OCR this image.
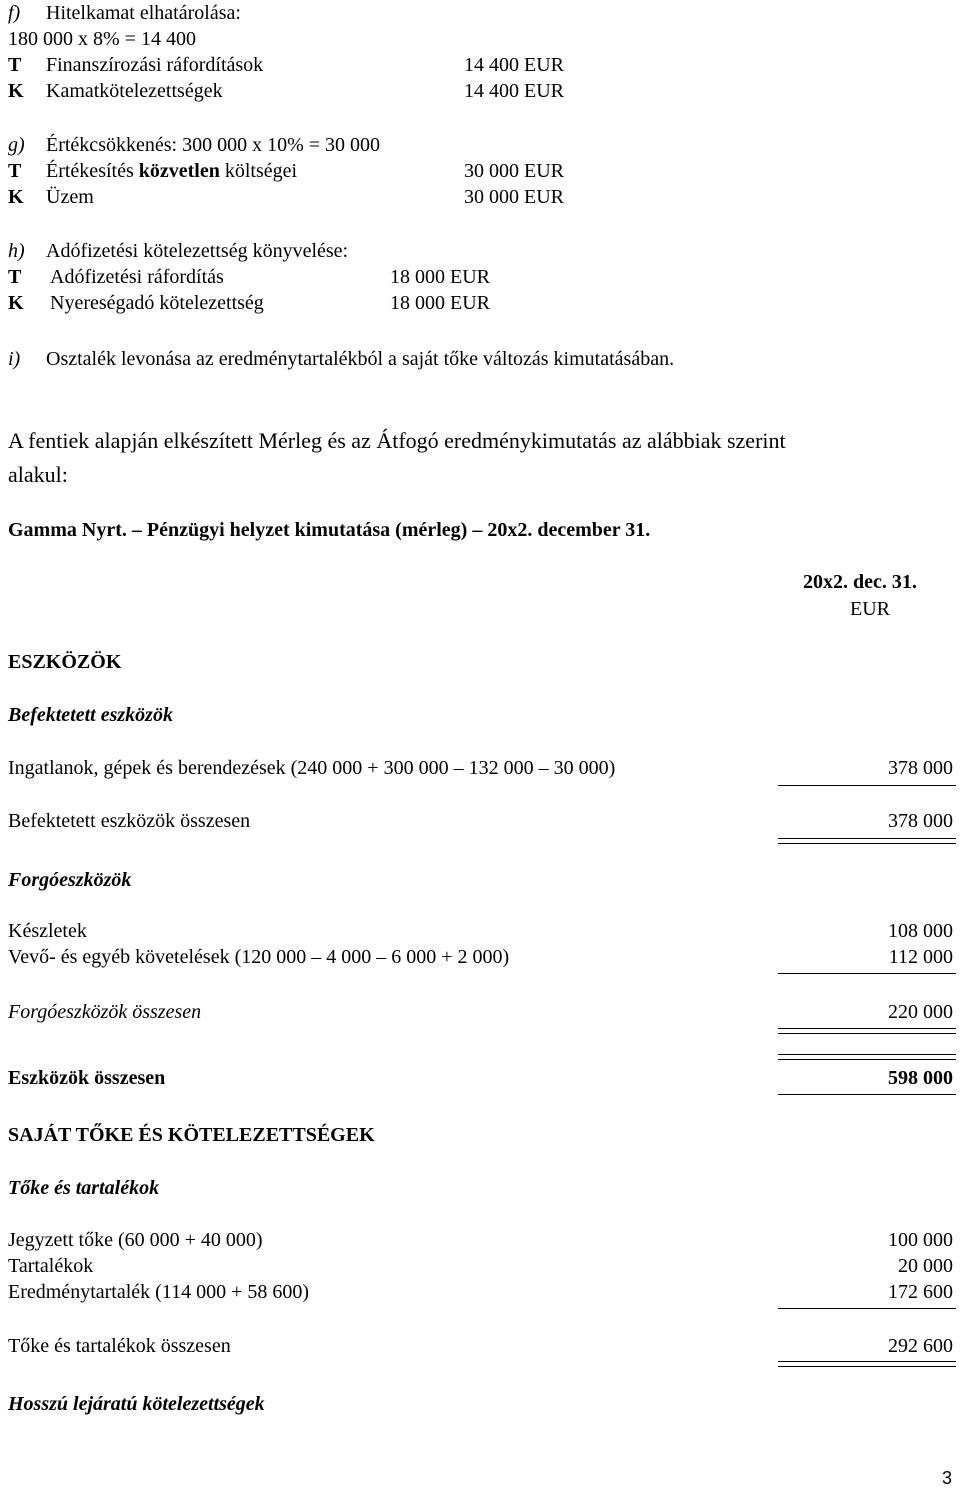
f) Hitelkamat elhatárolása:
180 000 x 8% = 14 400
T Finanszírozási ráfordítások	14 400 EUR
K Kamatkötelezettségek	14 400 EUR
g) Értékcsökkenés: 300 000 x 10% = 30 000
T Értékesítés közvetlen költségei	30 000 EUR
K Üzem	30 000 EUR
h) Adófizetési kötelezettség könyvelése:
T Adófizetési ráfordítás	18 000 EUR
K Nyereségadó kötelezettség	18 000 EUR
i) Osztalék levonása az eredménytartalékból a saját tőke változás kimutatásában.
A fentiek alapján elkészített Mérleg és az Átfogó eredménykimutatás az alábbiak szerint
alakul:
Gamma Nyrt. – Pénzügyi helyzet kimutatása (mérleg) – 20x2. december 31.
20x2. dec. 31.
EUR
ESZKÖZÖK
Befektetett eszközök
Ingatlanok, gépek és berendezések (240 000 + 300 000 – 132 000 – 30 000)	378 000
Befektetett eszközök összesen	378 000
Forgóeszközök
Készletek	108 000
Vevő- és egyéb követelések (120 000 – 4 000 – 6 000 + 2 000)	112 000
Forgóeszközök összesen	220 000
Eszközök összesen	598 000
SAJÁT TŐKE ÉS KÖTELEZETTSÉGEK
Tőke és tartalékok
Jegyzett tőke (60 000 + 40 000)	100 000
Tartalékok	20 000
Eredménytartalék (114 000 + 58 600)	172 600
Tőke és tartalékok összesen	292 600
Hosszú lejáratú kötelezettségek
3
